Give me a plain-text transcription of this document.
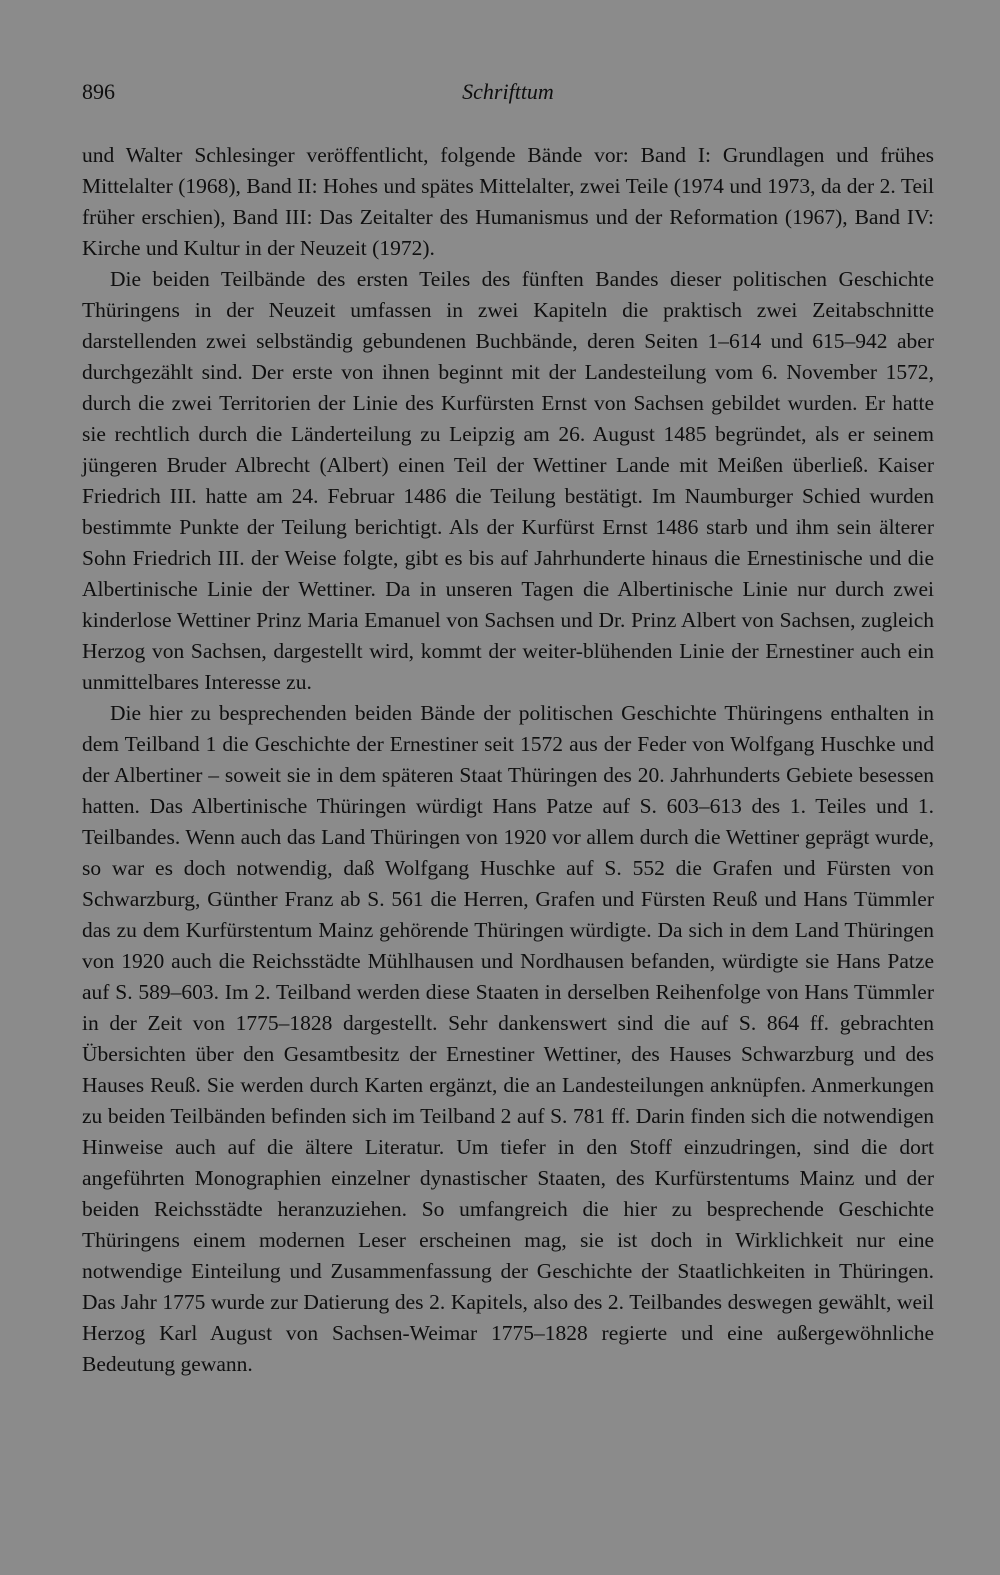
896	Schrifttum

und Walter Schlesinger veröffentlicht, folgende Bände vor: Band I: Grundlagen und frühes Mittelalter (1968), Band II: Hohes und spätes Mittelalter, zwei Teile (1974 und 1973, da der 2. Teil früher erschien), Band III: Das Zeitalter des Humanismus und der Reformation (1967), Band IV: Kirche und Kultur in der Neuzeit (1972).

Die beiden Teilbände des ersten Teiles des fünften Bandes dieser politischen Geschichte Thüringens in der Neuzeit umfassen in zwei Kapiteln die praktisch zwei Zeitabschnitte darstellenden zwei selbständig gebundenen Buchbände, deren Seiten 1–614 und 615–942 aber durchgezählt sind. Der erste von ihnen beginnt mit der Landesteilung vom 6. November 1572, durch die zwei Territorien der Linie des Kurfürsten Ernst von Sachsen gebildet wurden. Er hatte sie rechtlich durch die Länderteilung zu Leipzig am 26. August 1485 begründet, als er seinem jüngeren Bruder Albrecht (Albert) einen Teil der Wettiner Lande mit Meißen überließ. Kaiser Friedrich III. hatte am 24. Februar 1486 die Teilung bestätigt. Im Naumburger Schied wurden bestimmte Punkte der Teilung berichtigt. Als der Kurfürst Ernst 1486 starb und ihm sein älterer Sohn Friedrich III. der Weise folgte, gibt es bis auf Jahrhunderte hinaus die Ernestinische und die Albertinische Linie der Wettiner. Da in unseren Tagen die Albertinische Linie nur durch zwei kinderlose Wettiner Prinz Maria Emanuel von Sachsen und Dr. Prinz Albert von Sachsen, zugleich Herzog von Sachsen, dargestellt wird, kommt der weiter-blühenden Linie der Ernestiner auch ein unmittelbares Interesse zu.

Die hier zu besprechenden beiden Bände der politischen Geschichte Thüringens enthalten in dem Teilband 1 die Geschichte der Ernestiner seit 1572 aus der Feder von Wolfgang Huschke und der Albertiner – soweit sie in dem späteren Staat Thüringen des 20. Jahrhunderts Gebiete besessen hatten. Das Albertinische Thüringen würdigt Hans Patze auf S. 603–613 des 1. Teiles und 1. Teilbandes. Wenn auch das Land Thüringen von 1920 vor allem durch die Wettiner geprägt wurde, so war es doch notwendig, daß Wolfgang Huschke auf S. 552 die Grafen und Fürsten von Schwarzburg, Günther Franz ab S. 561 die Herren, Grafen und Fürsten Reuß und Hans Tümmler das zu dem Kurfürstentum Mainz gehörende Thüringen würdigte. Da sich in dem Land Thüringen von 1920 auch die Reichsstädte Mühlhausen und Nordhausen befanden, würdigte sie Hans Patze auf S. 589–603. Im 2. Teilband werden diese Staaten in derselben Reihenfolge von Hans Tümmler in der Zeit von 1775–1828 dargestellt. Sehr dankenswert sind die auf S. 864 ff. gebrachten Übersichten über den Gesamtbesitz der Ernestiner Wettiner, des Hauses Schwarzburg und des Hauses Reuß. Sie werden durch Karten ergänzt, die an Landesteilungen anknüpfen. Anmerkungen zu beiden Teilbänden befinden sich im Teilband 2 auf S. 781 ff. Darin finden sich die notwendigen Hinweise auch auf die ältere Literatur. Um tiefer in den Stoff einzudringen, sind die dort angeführten Monographien einzelner dynastischer Staaten, des Kurfürstentums Mainz und der beiden Reichsstädte heranzuziehen. So umfangreich die hier zu besprechende Geschichte Thüringens einem modernen Leser erscheinen mag, sie ist doch in Wirklichkeit nur eine notwendige Einteilung und Zusammenfassung der Geschichte der Staatlichkeiten in Thüringen. Das Jahr 1775 wurde zur Datierung des 2. Kapitels, also des 2. Teilbandes deswegen gewählt, weil Herzog Karl August von Sachsen-Weimar 1775–1828 regierte und eine außergewöhnliche Bedeutung gewann.
